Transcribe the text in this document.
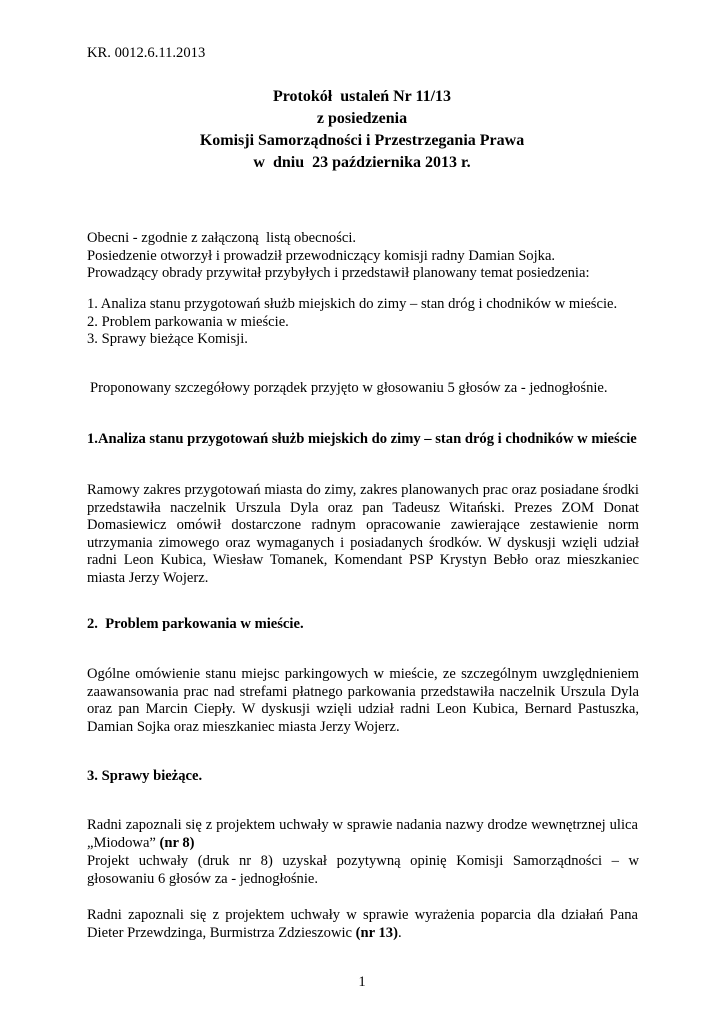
KR. 0012.6.11.2013
Protokół  ustaleń Nr 11/13
z posiedzenia
Komisji Samorządności i Przestrzegania Prawa
w  dniu  23 października 2013 r.
Obecni - zgodnie z załączoną  listą obecności.
Posiedzenie otworzył i prowadził przewodniczący komisji radny Damian Sojka.
Prowadzący obrady przywitał przybyłych i przedstawił planowany temat posiedzenia:
1. Analiza stanu przygotowań służb miejskich do zimy – stan dróg i chodników w mieście.
2. Problem parkowania w mieście.
3. Sprawy bieżące Komisji.
Proponowany szczegółowy porządek przyjęto w głosowaniu 5 głosów za - jednogłośnie.
1.Analiza stanu przygotowań służb miejskich do zimy – stan dróg i chodników w mieście
Ramowy zakres przygotowań miasta do zimy, zakres planowanych prac oraz posiadane środki przedstawiła naczelnik Urszula Dyla oraz pan Tadeusz Witański. Prezes ZOM Donat Domasiewicz omówił dostarczone radnym opracowanie zawierające zestawienie norm utrzymania zimowego oraz wymaganych i posiadanych środków. W dyskusji wzięli udział radni Leon Kubica, Wiesław Tomanek, Komendant PSP Krystyn Bebło oraz mieszkaniec miasta Jerzy Wojerz.
2.  Problem parkowania w mieście.
Ogólne omówienie stanu miejsc parkingowych w mieście, ze szczególnym uwzględnieniem zaawansowania prac nad strefami płatnego parkowania przedstawiła naczelnik Urszula Dyla oraz pan Marcin Ciepły. W dyskusji wzięli udział radni Leon Kubica, Bernard Pastuszka, Damian Sojka oraz mieszkaniec miasta Jerzy Wojerz.
3. Sprawy bieżące.
Radni zapoznali się z projektem uchwały w sprawie nadania nazwy drodze wewnętrznej ulica „Miodowa” (nr 8)
Projekt uchwały (druk nr 8) uzyskał pozytywną opinię Komisji Samorządności – w głosowaniu 6 głosów za - jednogłośnie.
Radni zapoznali się z projektem uchwały w sprawie wyrażenia poparcia dla działań Pana Dieter Przewdzinga, Burmistrza Zdzieszowic (nr 13).
1
